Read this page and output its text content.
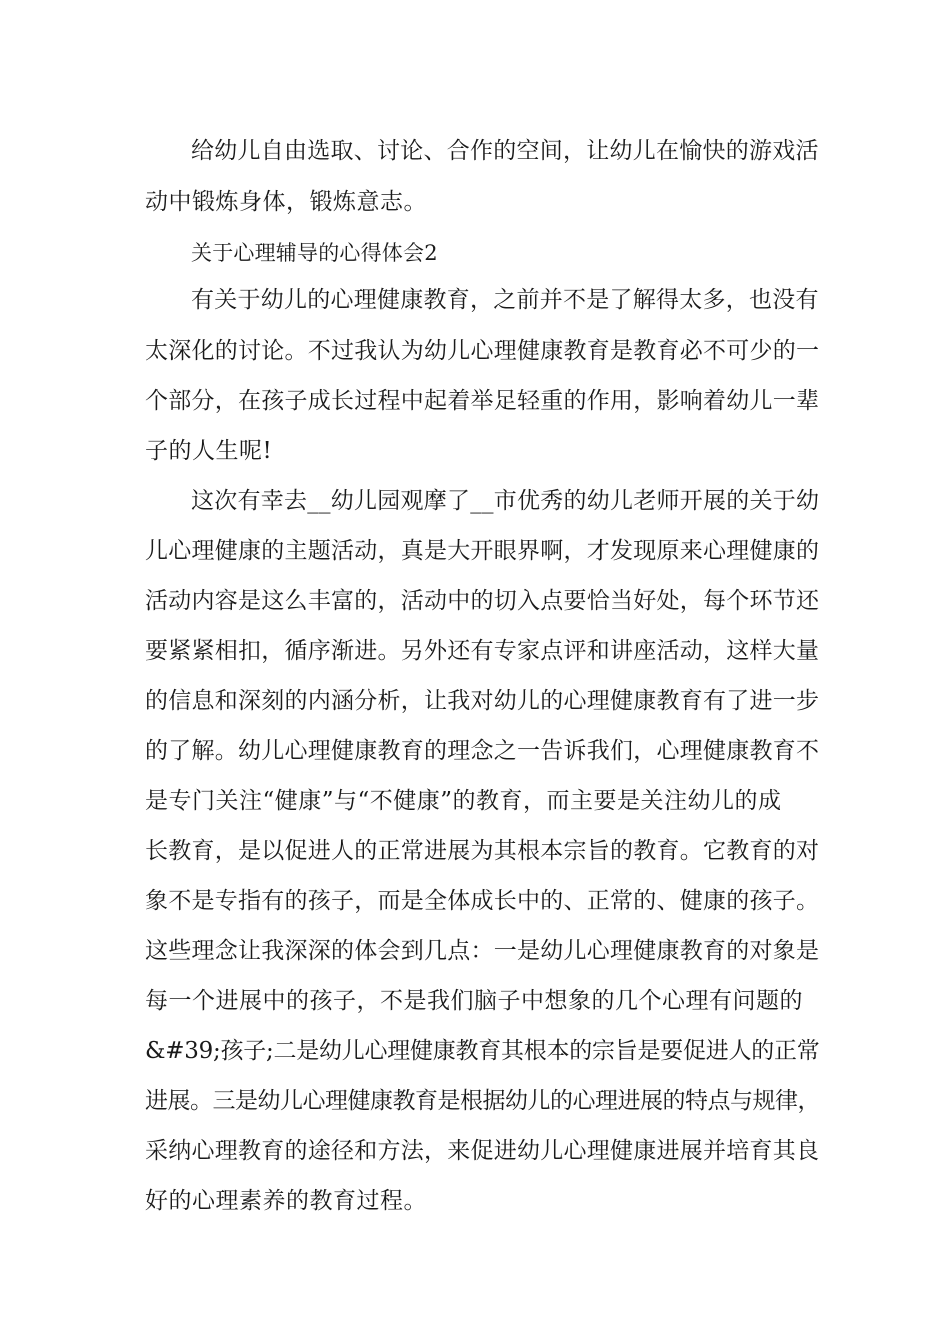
给幼儿自由选取、讨论、合作的空间，让幼儿在愉快的游戏活
动中锻炼身体，锻炼意志。
关于心理辅导的心得体会2
有关于幼儿的心理健康教育，之前并不是了解得太多，也没有
太深化的讨论。不过我认为幼儿心理健康教育是教育必不可少的一
个部分，在孩子成长过程中起着举足轻重的作用，影响着幼儿一辈
子的人生呢!
这次有幸去__幼儿园观摩了__市优秀的幼儿老师开展的关于幼
儿心理健康的主题活动，真是大开眼界啊，才发现原来心理健康的
活动内容是这么丰富的，活动中的切入点要恰当好处，每个环节还
要紧紧相扣，循序渐进。另外还有专家点评和讲座活动，这样大量
的信息和深刻的内涵分析，让我对幼儿的心理健康教育有了进一步
的了解。幼儿心理健康教育的理念之一告诉我们，心理健康教育不
是专门关注“健康”与“不健康”的教育，而主要是关注幼儿的成
长教育，是以促进人的正常进展为其根本宗旨的教育。它教育的对
象不是专指有的孩子，而是全体成长中的、正常的、健康的孩子。
这些理念让我深深的体会到几点：一是幼儿心理健康教育的对象是
每一个进展中的孩子，不是我们脑子中想象的几个心理有问题的
&#39;孩子;二是幼儿心理健康教育其根本的宗旨是要促进人的正常
进展。三是幼儿心理健康教育是根据幼儿的心理进展的特点与规律，
采纳心理教育的途径和方法，来促进幼儿心理健康进展并培育其良
好的心理素养的教育过程。
